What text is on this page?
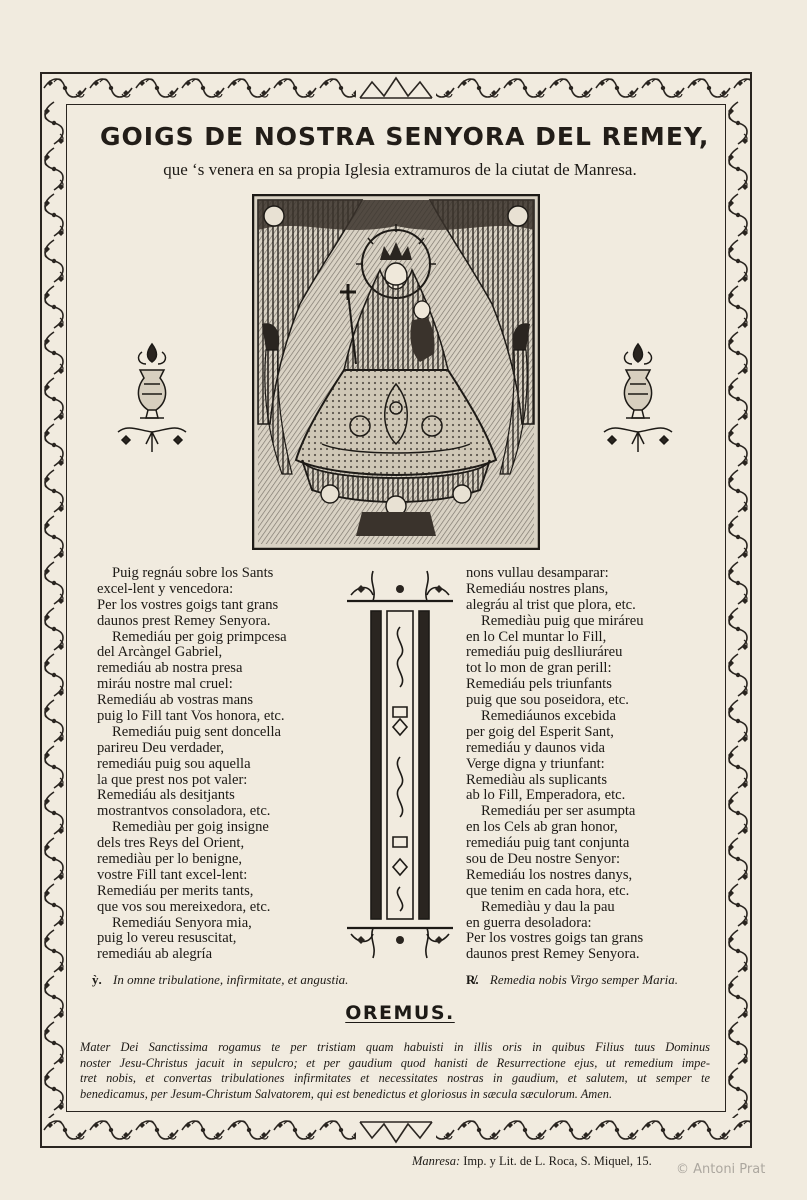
GOIGS DE NOSTRA SENYORA DEL REMEY,
que ‘s venera en sa propia Iglesia extramuros de la ciutat de Manresa.
Puig regnáu sobre los Sants
excel-lent y vencedora:
Per los vostres goigs tant grans
daunos prest Remey Senyora.
Remediáu per goig primpcesa
del Arcàngel Gabriel,
remediáu ab nostra presa
miráu nostre mal cruel:
Remediáu ab vostras mans
puig lo Fill tant Vos honora, etc.
Remediáu puig sent doncella
parireu Deu verdader,
remediáu puig sou aquella
la que prest nos pot valer:
Remediáu als desitjants
mostrantvos consoladora, etc.
Remediàu per goig insigne
dels tres Reys del Orient,
remediàu per lo benigne,
vostre Fill tant excel-lent:
Remediáu per merits tants,
que vos sou mereixedora, etc.
Remediáu Senyora mia,
puig lo vereu resuscitat,
remediáu ab alegría
nons vullau desamparar:
Remediáu nostres plans,
alegráu al trist que plora, etc.
Remediàu puig que miráreu
en lo Cel muntar lo Fill,
remediáu puig deslliuráreu
tot lo mon de gran perill:
Remediáu pels triunfants
puig que sou poseidora, etc.
Remediáunos excebida
per goig del Esperit Sant,
remediáu y daunos vida
Verge digna y triunfant:
Remediàu als suplicants
ab lo Fill, Emperadora, etc.
Remediáu per ser asumpta
en los Cels ab gran honor,
remediáu puig tant conjunta
sou de Deu nostre Senyor:
Remediáu los nostres danys,
que tenim en cada hora, etc.
Remediàu y dau la pau
en guerra desoladora:
Per los vostres goigs tan grans
daunos prest Remey Senyora.
ỳ. In omne tribulatione, infirmitate, et angustia.	R̸. Remedia nobis Virgo semper Maria.
OREMUS.
Mater Dei Sanctissima rogamus te per tristiam quam habuisti in illis oris in quibus Filius tuus Dominus
noster Jesu-Christus jacuit in sepulcro; et per gaudium quod hanisti de Resurrectione ejus, ut remedium impe-
tret nobis, et convertas tribulationes infirmitates et necessitates nostras in gaudium, et salutem, ut semper te
benedicamus, per Jesum-Christum Salvatorem, qui est benedictus et gloriosus in sæcula sæculorum. Amen.
Manresa: Imp. y Lit. de L. Roca, S. Miquel, 15.
© Antoni Prat
